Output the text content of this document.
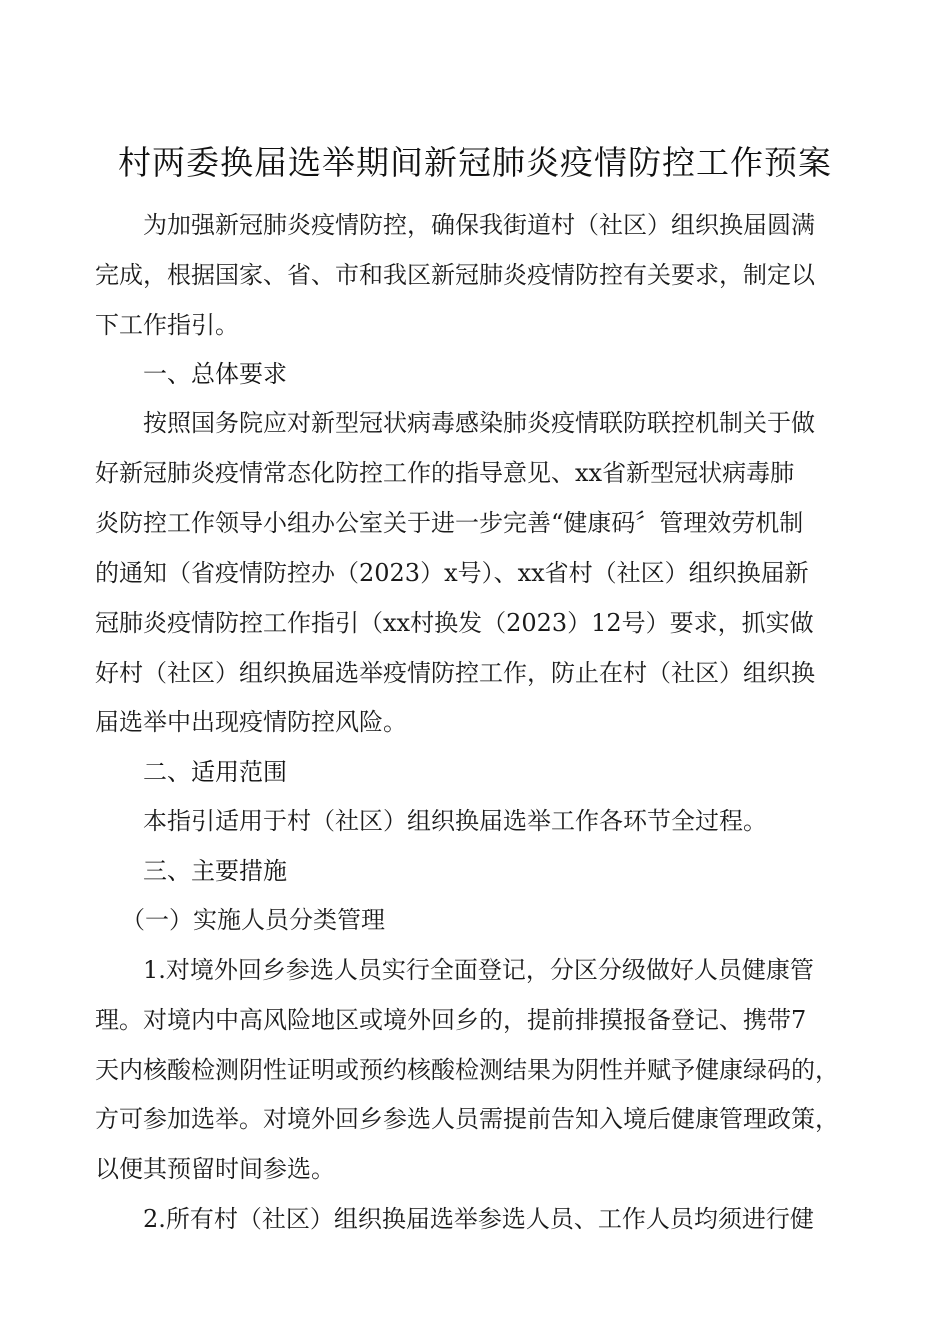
村两委换届选举期间新冠肺炎疫情防控工作预案
为加强新冠肺炎疫情防控，确保我街道村（社区）组织换届圆满
完成，根据国家、省、市和我区新冠肺炎疫情防控有关要求，制定以
下工作指引。
一、总体要求
按照国务院应对新型冠状病毒感染肺炎疫情联防联控机制关于做
好新冠肺炎疫情常态化防控工作的指导意见、xx省新型冠状病毒肺
炎防控工作领导小组办公室关于进一步完善“健康码〞管理效劳机制
的通知（省疫情防控办（2023）x号）、xx省村（社区）组织换届新
冠肺炎疫情防控工作指引（xx村换发（2023）12号）要求，抓实做
好村（社区）组织换届选举疫情防控工作，防止在村（社区）组织换
届选举中出现疫情防控风险。
二、适用范围
本指引适用于村（社区）组织换届选举工作各环节全过程。
三、主要措施
（一）实施人员分类管理
1.对境外回乡参选人员实行全面登记，分区分级做好人员健康管
理。对境内中高风险地区或境外回乡的，提前排摸报备登记、携带7
天内核酸检测阴性证明或预约核酸检测结果为阴性并赋予健康绿码的，
方可参加选举。对境外回乡参选人员需提前告知入境后健康管理政策，
以便其预留时间参选。
2.所有村（社区）组织换届选举参选人员、工作人员均须进行健
